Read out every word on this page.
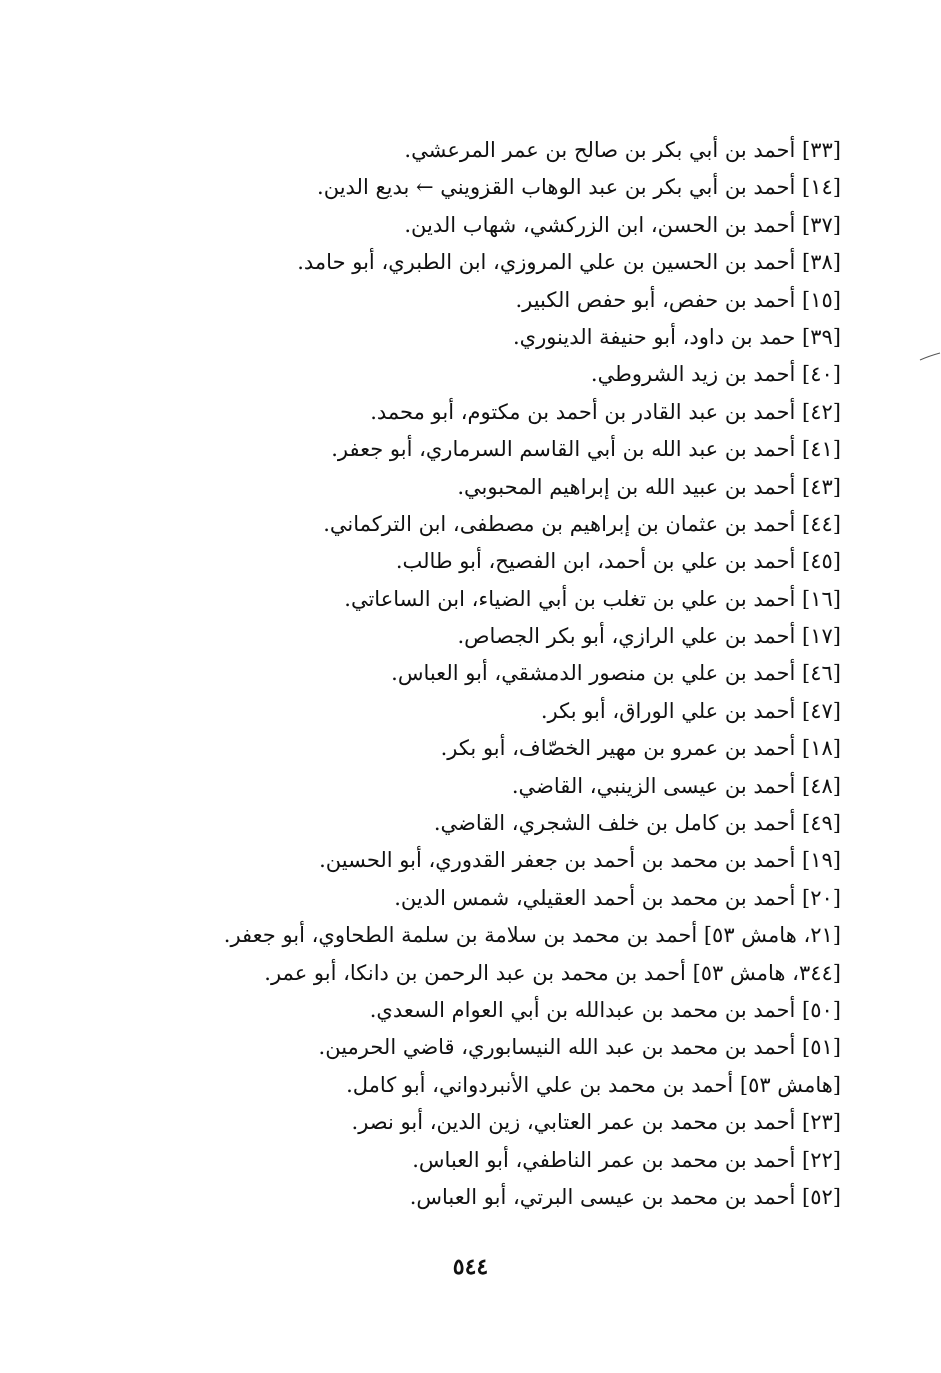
[٣٣] أحمد بن أبي بكر بن صالح بن عمر المرعشي.
[١٤] أحمد بن أبي بكر بن عبد الوهاب القزويني ← بديع الدين.
[٣٧] أحمد بن الحسن، ابن الزركشي، شهاب الدين.
[٣٨] أحمد بن الحسين بن علي المروزي، ابن الطبري، أبو حامد.
[١٥] أحمد بن حفص، أبو حفص الكبير.
[٣٩] حمد بن داود، أبو حنيفة الدينوري.
[٤٠] أحمد بن زيد الشروطي.
[٤٢] أحمد بن عبد القادر بن أحمد بن مكتوم، أبو محمد.
[٤١] أحمد بن عبد الله بن أبي القاسم السرماري، أبو جعفر.
[٤٣] أحمد بن عبيد الله بن إبراهيم المحبوبي.
[٤٤] أحمد بن عثمان بن إبراهيم بن مصطفى، ابن التركماني.
[٤٥] أحمد بن علي بن أحمد، ابن الفصيح، أبو طالب.
[١٦] أحمد بن علي بن تغلب بن أبي الضياء، ابن الساعاتي.
[١٧] أحمد بن علي الرازي، أبو بكر الجصاص.
[٤٦] أحمد بن علي بن منصور الدمشقي، أبو العباس.
[٤٧] أحمد بن علي الوراق، أبو بكر.
[١٨] أحمد بن عمرو بن مهير الخصّاف، أبو بكر.
[٤٨] أحمد بن عيسى الزينبي، القاضي.
[٤٩] أحمد بن كامل بن خلف الشجري، القاضي.
[١٩] أحمد بن محمد بن أحمد بن جعفر القدوري، أبو الحسين.
[٢٠] أحمد بن محمد بن أحمد العقيلي، شمس الدين.
[٢١، هامش ٥٣] أحمد بن محمد بن سلامة بن سلمة الطحاوي، أبو جعفر.
[٣٤٤، هامش ٥٣] أحمد بن محمد بن عبد الرحمن بن دانكا، أبو عمر.
[٥٠] أحمد بن محمد بن عبدالله بن أبي العوام السعدي.
[٥١] أحمد بن محمد بن عبد الله النيسابوري، قاضي الحرمين.
[هامش ٥٣] أحمد بن محمد بن علي الأنبردواني، أبو كامل.
[٢٣] أحمد بن محمد بن عمر العتابي، زين الدين، أبو نصر.
[٢٢] أحمد بن محمد بن عمر الناطفي، أبو العباس.
[٥٢] أحمد بن محمد بن عيسى البرتي، أبو العباس.
٥٤٤
